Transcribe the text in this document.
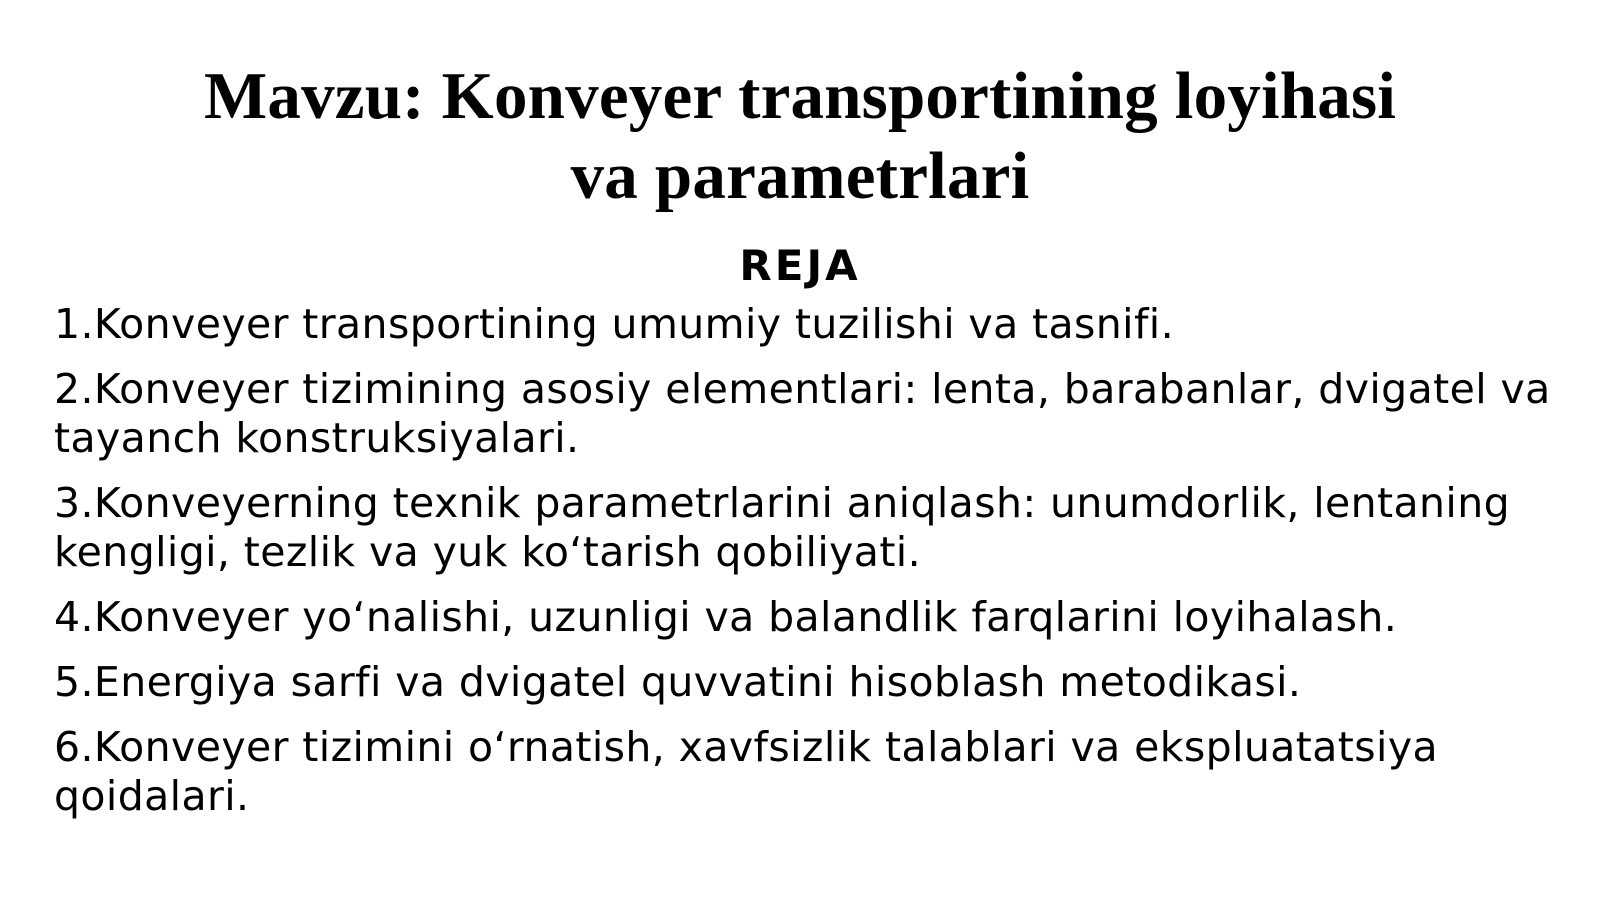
Mavzu: Konveyer transportining loyihasi
va parametrlari
REJA
1.Konveyer transportining umumiy tuzilishi va tasnifi.
2.Konveyer tizimining asosiy elementlari: lenta, barabanlar, dvigatel va tayanch konstruksiyalari.
3.Konveyerning texnik parametrlarini aniqlash: unumdorlik, lentaning kengligi, tezlik va yuk ko‘tarish qobiliyati.
4.Konveyer yo‘nalishi, uzunligi va balandlik farqlarini loyihalash.
5.Energiya sarfi va dvigatel quvvatini hisoblash metodikasi.
6.Konveyer tizimini o‘rnatish, xavfsizlik talablari va ekspluatatsiya qoidalari.
